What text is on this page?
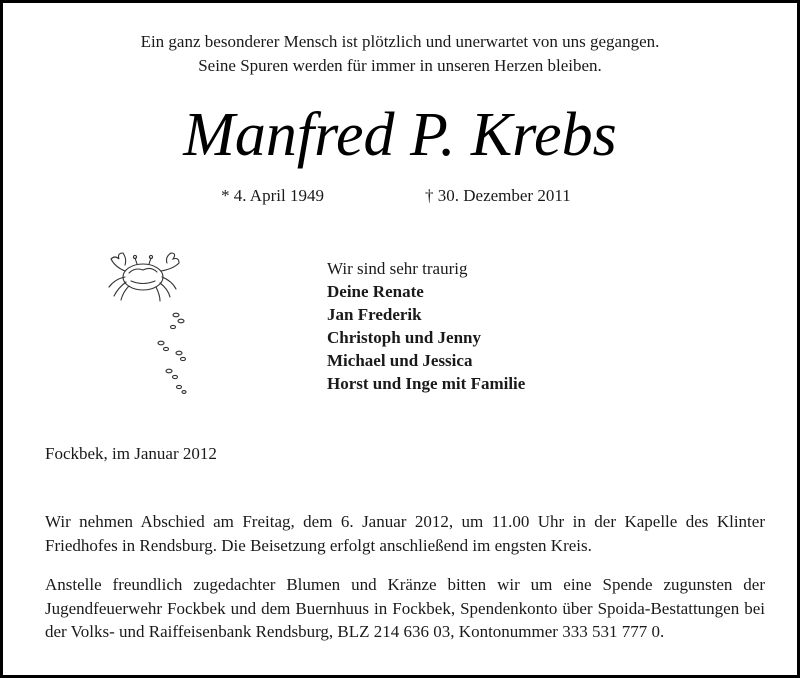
Ein ganz besonderer Mensch ist plötzlich und unerwartet von uns gegangen.
Seine Spuren werden für immer in unseren Herzen bleiben.
Manfred P. Krebs
* 4. April 1949	† 30. Dezember 2011
Wir sind sehr traurig
Deine Renate
Jan Frederik
Christoph und Jenny
Michael und Jessica
Horst und Inge mit Familie
Fockbek, im Januar 2012
Wir nehmen Abschied am Freitag, dem 6. Januar 2012, um 11.00 Uhr in der Kapelle des Klinter Friedhofes in Rendsburg. Die Beisetzung erfolgt anschließend im engsten Kreis.
Anstelle freundlich zugedachter Blumen und Kränze bitten wir um eine Spende zugunsten der Jugendfeuerwehr Fockbek und dem Buernhuus in Fockbek, Spendenkonto über Spoida-Bestattungen bei der Volks- und Raiffeisenbank Rendsburg, BLZ 214 636 03, Kontonummer 333 531 777 0.
